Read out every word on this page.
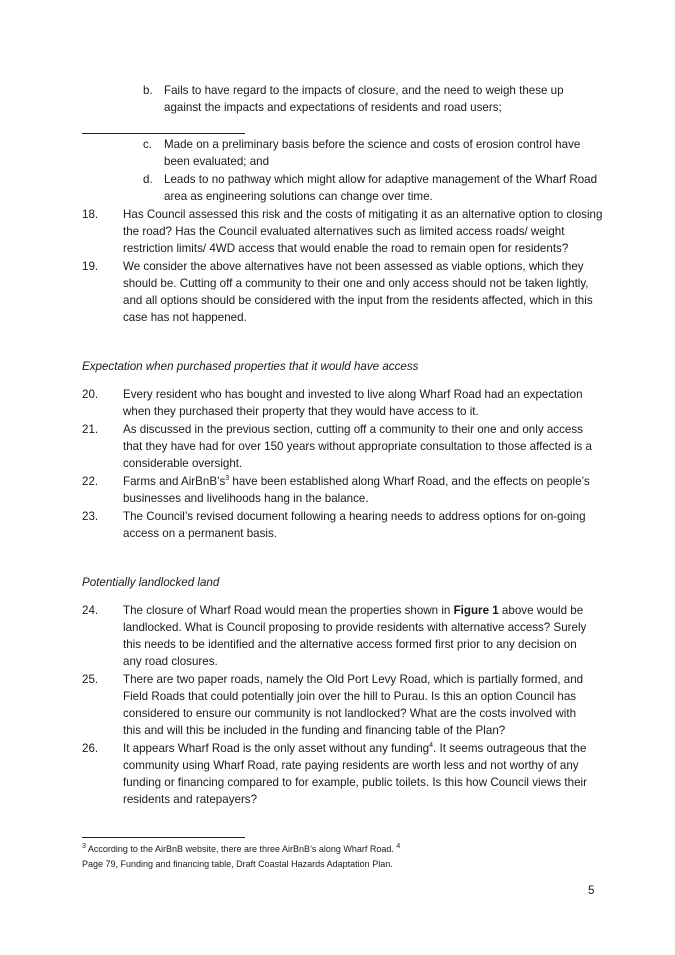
b. Fails to have regard to the impacts of closure, and the need to weigh these up
against the impacts and expectations of residents and road users;
c. Made on a preliminary basis before the science and costs of erosion control have
been evaluated; and
d. Leads to no pathway which might allow for adaptive management of the Wharf Road
area as engineering solutions can change over time.
18. Has Council assessed this risk and the costs of mitigating it as an alternative option to closing
the road? Has the Council evaluated alternatives such as limited access roads/ weight
restriction limits/ 4WD access that would enable the road to remain open for residents?
19. We consider the above alternatives have not been assessed as viable options, which they
should be. Cutting off a community to their one and only access should not be taken lightly,
and all options should be considered with the input from the residents affected, which in this
case has not happened.
Expectation when purchased properties that it would have access
20. Every resident who has bought and invested to live along Wharf Road had an expectation
when they purchased their property that they would have access to it.
21. As discussed in the previous section, cutting off a community to their one and only access
that they have had for over 150 years without appropriate consultation to those affected is a
considerable oversight.
22. Farms and $AirBnB’s^3$ have been established along Wharf Road, and the effects on people’s
businesses and livelihoods hang in the balance.
23. The Council’s revised document following a hearing needs to address options for on-going
access on a permanent basis.
Potentially landlocked land
24. The closure of Wharf Road would mean the properties shown in Figure 1 above would be
landlocked. What is Council proposing to provide residents with alternative access? Surely
this needs to be identified and the alternative access formed first prior to any decision on
any road closures.
25. There are two paper roads, namely the Old Port Levy Road, which is partially formed, and
Field Roads that could potentially join over the hill to Purau. Is this an option Council has
considered to ensure our community is not landlocked? What are the costs involved with
this and will this be included in the funding and financing table of the Plan?
26. It appears Wharf Road is the only asset without any funding$^4$. It seems outrageous that the
community using Wharf Road, rate paying residents are worth less and not worthy of any
funding or financing compared to for example, public toilets. Is this how Council views their
residents and ratepayers?
$^3$ According to the AirBnB website, there are three AirBnB’s along Wharf Road. $^4$
Page 79, Funding and financing table, Draft Coastal Hazards Adaptation Plan.
5
